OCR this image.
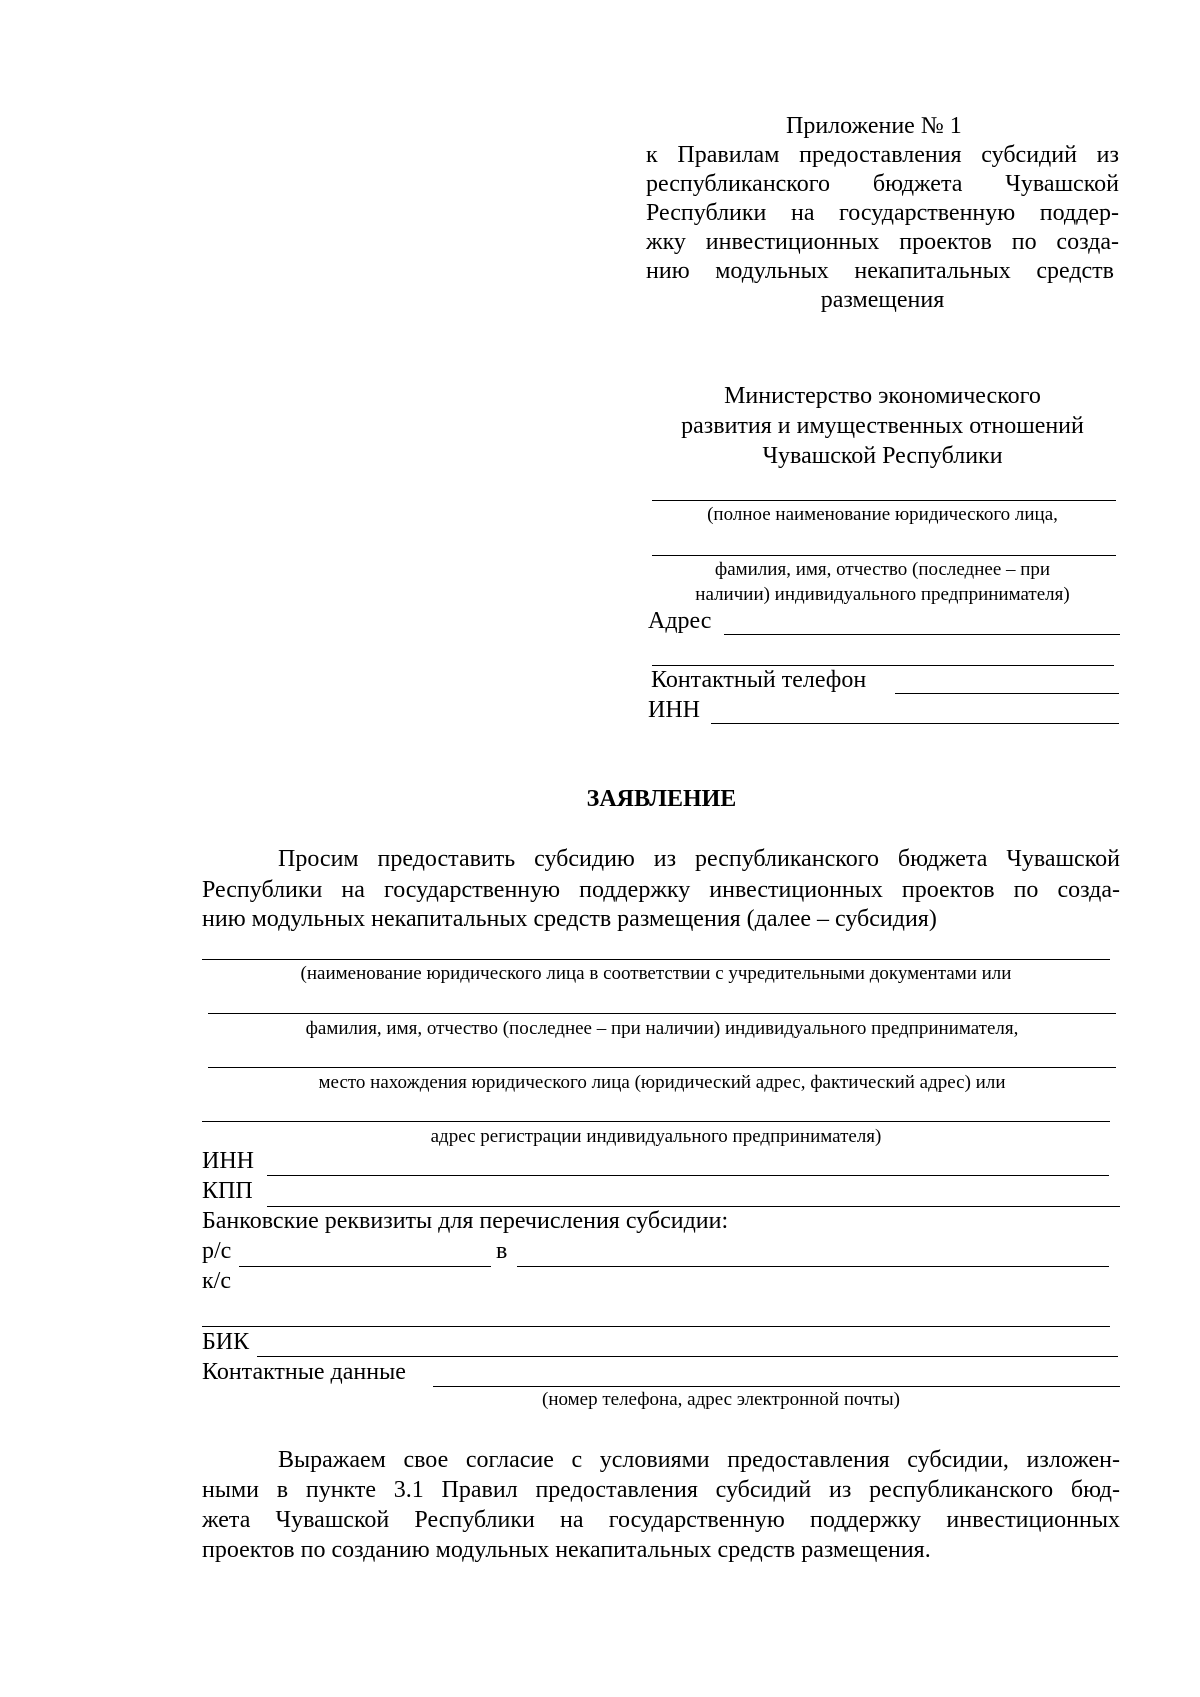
Приложение № 1
к Правилам предоставления субсидий из
республиканского бюджета Чувашской
Республики на государственную поддер-
жку инвестиционных проектов по созда-
нию модульных некапитальных средств
размещения
Министерство экономического
развития и имущественных отношений
Чувашской Республики
(полное наименование юридического лица,
фамилия, имя, отчество (последнее – при
наличии) индивидуального предпринимателя)
Адрес
Контактный телефон
ИНН
ЗАЯВЛЕНИЕ
Просим предоставить субсидию из республиканского бюджета Чувашской
Республики на государственную поддержку инвестиционных проектов по созда-
нию модульных некапитальных средств размещения (далее – субсидия)
(наименование юридического лица в соответствии с учредительными документами или
фамилия, имя, отчество (последнее – при наличии) индивидуального предпринимателя,
место нахождения юридического лица (юридический адрес, фактический адрес) или
адрес регистрации индивидуального предпринимателя)
ИНН
КПП
Банковские реквизиты для перечисления субсидии:
р/с	в
к/с
БИК
Контактные данные
(номер телефона, адрес электронной почты)
Выражаем свое согласие с условиями предоставления субсидии, изложен-
ными в пункте 3.1 Правил предоставления субсидий из республиканского бюд-
жета Чувашской Республики на государственную поддержку инвестиционных
проектов по созданию модульных некапитальных средств размещения.
